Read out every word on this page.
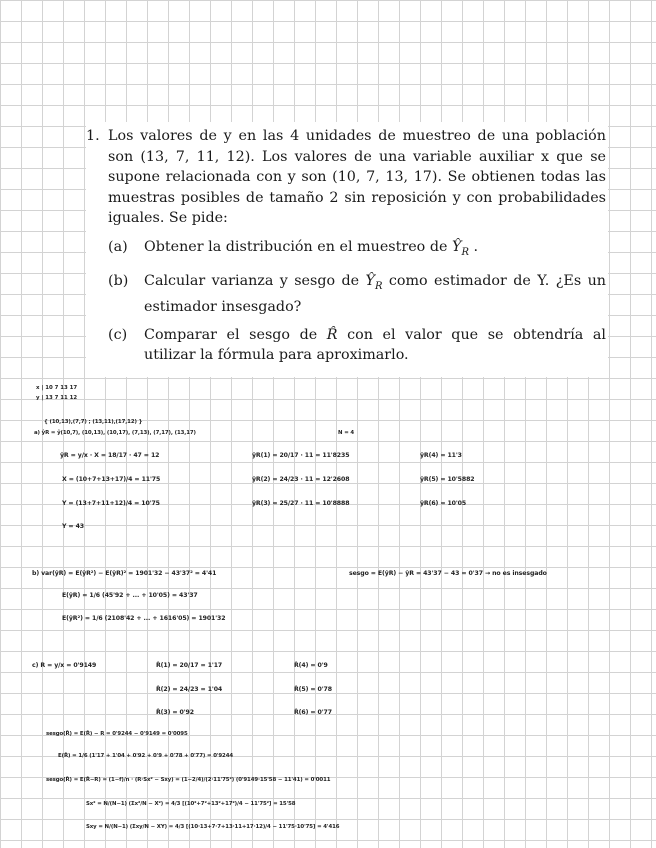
1. Los valores de y en las 4 unidades de muestreo de una población son (13, 7, 11, 12). Los valores de una variable auxiliar x que se supone relacionada con y son (10, 7, 13, 17). Se obtienen todas las muestras posibles de tamaño 2 sin reposición y con probabilidades iguales. Se pide:
(a)	Obtener la distribución en el muestreo de $Ŷ_R$ .
(b)	Calcular varianza y sesgo de $Ŷ_R$ como estimador de Y. ¿Es un estimador insesgado?
(c)	Comparar el sesgo de R̂ con el valor que se obtendría al utilizar la fórmula para aproximarlo.
x | 10 7 13 17
y | 13 7 11 12
{ (10,13),(7,7) ; (13,11),(17,12) }
a) ŷR = ŷ(10,7), (10,13), (10,17), (7,13), (7,17), (13,17)	N = 4
ŷR = y/x · X = 18/17 · 47 = 12	ŷR(1) = 20/17 · 11 = 11'8235	ŷR(4) = 11'3
X = (10+7+13+17)/4 = 11'75	ŷR(2) = 24/23 · 11 = 12'2608	ŷR(5) = 10'5882
Y = (13+7+11+12)/4 = 10'75	ŷR(3) = 25/27 · 11 = 10'8888	ŷR(6) = 10'05
Y = 43
b) var(ŷR) = E(ŷR²) − E(ŷR)² = 1901'32 − 43'37² = 4'41	sesgo = E(ŷR) − ŷR = 43'37 − 43 = 0'37 → no es insesgado
E(ŷR) = 1/6 (45'92 + ... + 10'05) = 43'37
E(ŷR²) = 1/6 (2108'42 + ... + 1616'05) = 1901'32
c) R = y/x = 0'9149	R̂(1) = 20/17 = 1'17	R̂(4) = 0'9
R̂(2) = 24/23 = 1'04	R̂(5) = 0'78
R̂(3) = 0'92	R̂(6) = 0'77
sesgo(R̂) = E(R̂) − R = 0'9244 − 0'9149 = 0'0095
E(R̂) = 1/6 (1'17 + 1'04 + 0'92 + 0'9 + 0'78 + 0'77) = 0'9244
sesgo(R̂) = E(R̂−R) = (1−f)/n · (R·Sx² − Sxy) = (1−2/4)/(2·11'75²) (0'9149·15'58 − 11'41) = 0'0011
Sx² = N/(N−1) (Σx²/N − X²) = 4/3 [(10²+7²+13²+17²)/4 − 11'75²] = 15'58
Sxy = N/(N−1) (Σxy/N − XY) = 4/3 [(10·13+7·7+13·11+17·12)/4 − 11'75·10'75] = 4'416
